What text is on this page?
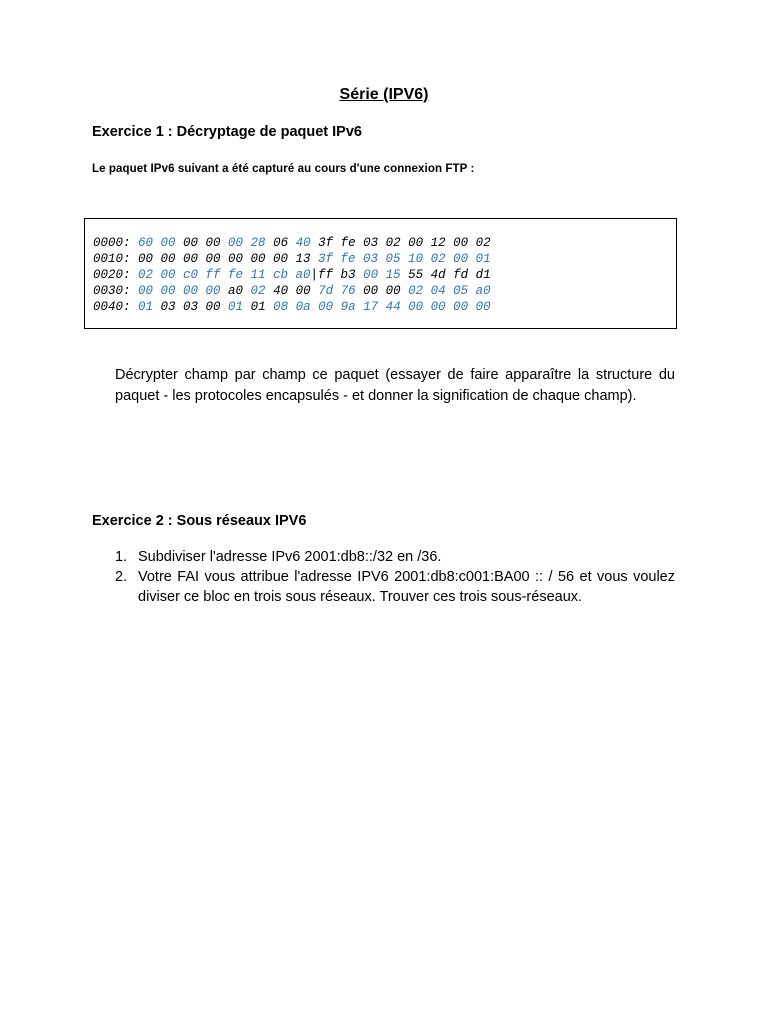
Série (IPV6)
Exercice 1 : Décryptage de paquet IPv6

Le paquet IPv6 suivant a été capturé au cours d'une connexion FTP :

0000: 60 00 00 00 00 28 06 40 3f fe 03 02 00 12 00 02
0010: 00 00 00 00 00 00 00 13 3f fe 03 05 10 02 00 01
0020: 02 00 c0 ff fe 11 cb a0|ff b3 00 15 55 4d fd d1
0030: 00 00 00 00 a0 02 40 00 7d 76 00 00 02 04 05 a0
0040: 01 03 03 00 01 01 08 0a 00 9a 17 44 00 00 00 00

Décrypter champ par champ ce paquet (essayer de faire apparaître la structure du paquet - les protocoles encapsulés - et donner la signification de chaque champ).

Exercice 2 : Sous réseaux IPV6
1. Subdiviser l'adresse IPv6 2001:db8::/32 en /36.
2. Votre FAI vous attribue l'adresse IPV6 2001:db8:c001:BA00 :: / 56 et vous voulez diviser ce bloc en trois sous réseaux. Trouver ces trois sous-réseaux.
